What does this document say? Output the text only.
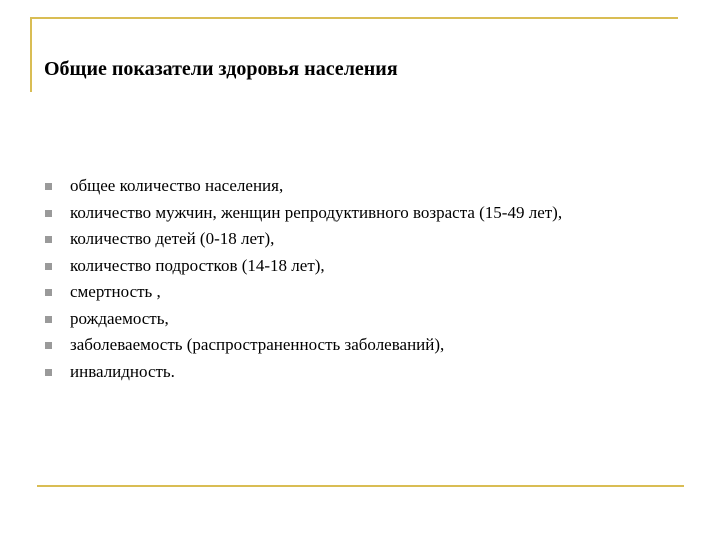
Общие показатели здоровья населения
общее количество населения,
количество мужчин, женщин репродуктивного возраста (15-49 лет),
количество детей (0-18 лет),
количество подростков (14-18 лет),
смертность ,
рождаемость,
заболеваемость (распространенность заболеваний),
инвалидность.
